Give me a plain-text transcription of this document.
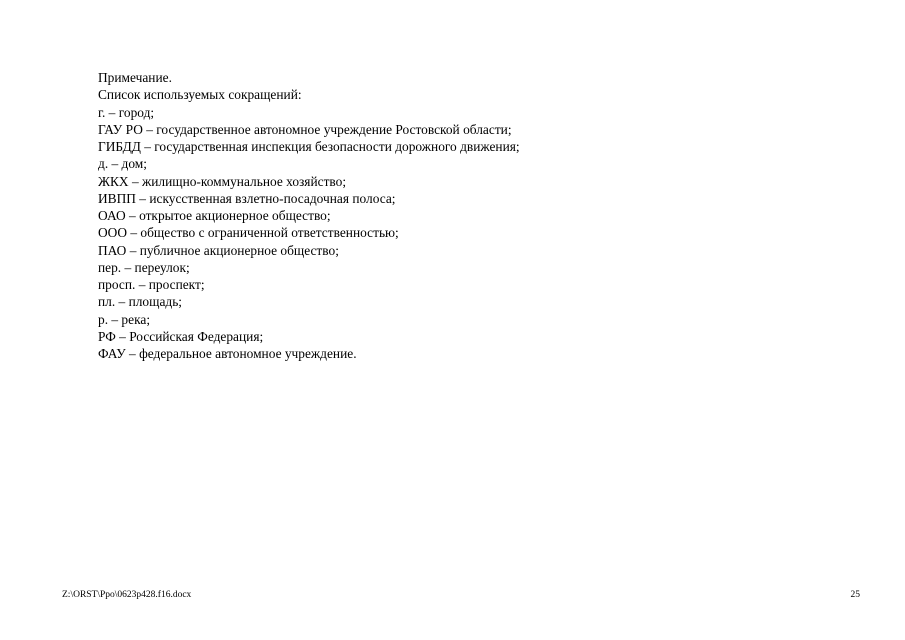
Примечание.
Список используемых сокращений:
г. – город;
ГАУ РО – государственное автономное учреждение Ростовской области;
ГИБДД – государственная инспекция безопасности дорожного движения;
д. – дом;
ЖКХ – жилищно-коммунальное хозяйство;
ИВПП – искусственная взлетно-посадочная полоса;
ОАО – открытое акционерное общество;
ООО – общество с ограниченной ответственностью;
ПАО – публичное акционерное общество;
пер. – переулок;
просп. – проспект;
пл. – площадь;
р. – река;
РФ – Российская Федерация;
ФАУ – федеральное автономное учреждение.
Z:\ORST\Ppo\0623p428.f16.docx	25
